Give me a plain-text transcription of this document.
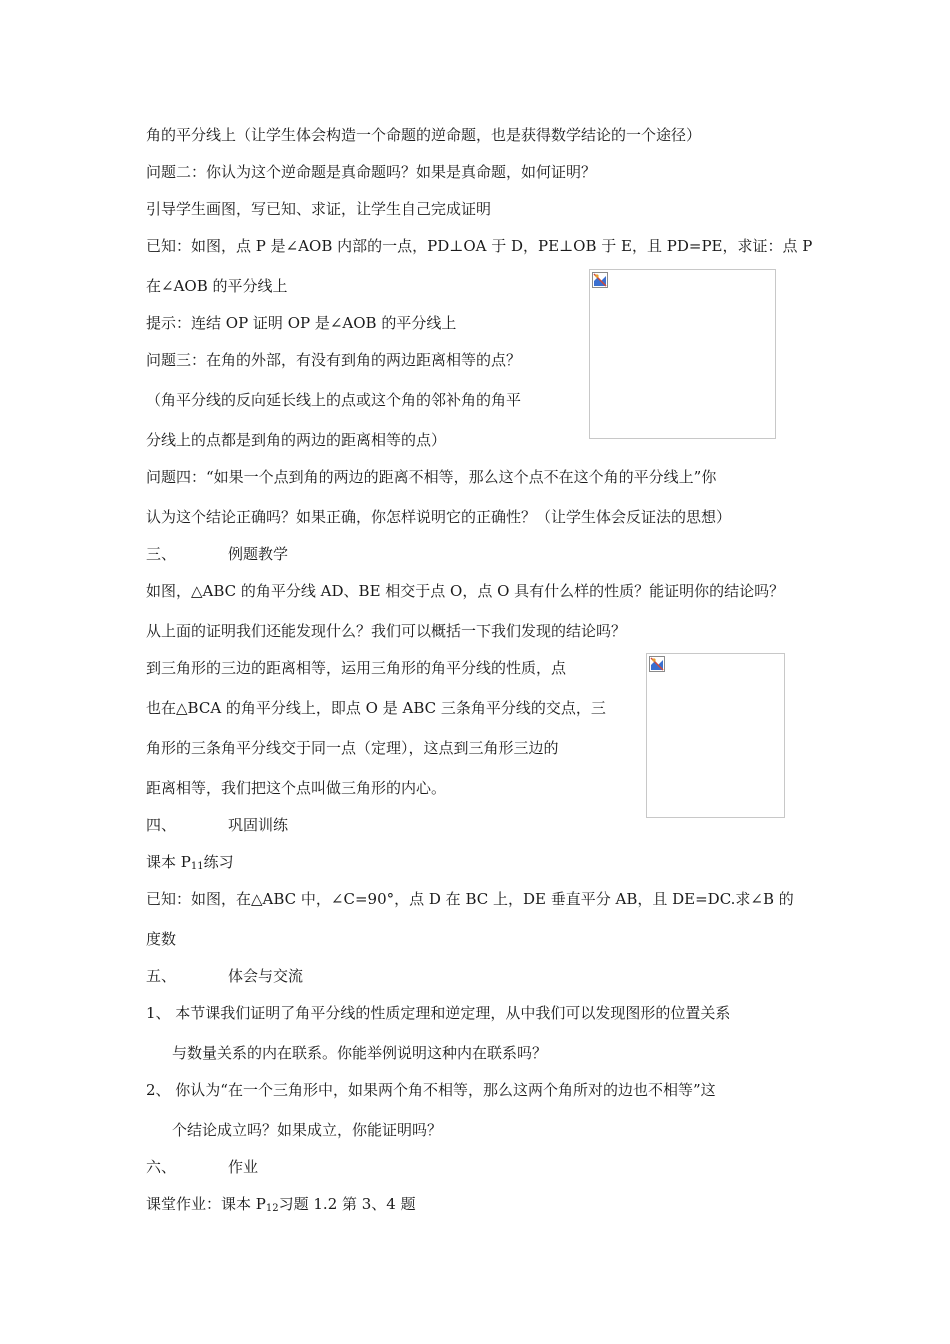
角的平分线上（让学生体会构造一个命题的逆命题，也是获得数学结论的一个途径）
问题二：你认为这个逆命题是真命题吗？如果是真命题，如何证明？
引导学生画图，写已知、求证，让学生自己完成证明
已知：如图，点 P 是∠AOB 内部的一点，PD⊥OA 于 D，PE⊥OB 于 E，且 PD=PE，求证：点 P
在∠AOB 的平分线上
提示：连结 OP 证明 OP 是∠AOB 的平分线上
问题三：在角的外部，有没有到角的两边距离相等的点？
（角平分线的反向延长线上的点或这个角的邻补角的角平
分线上的点都是到角的两边的距离相等的点）
问题四：“如果一个点到角的两边的距离不相等，那么这个点不在这个角的平分线上”你
认为这个结论正确吗？如果正确，你怎样说明它的正确性？（让学生体会反证法的思想）
三、	例题教学
如图，△ABC 的角平分线 AD、BE 相交于点 O，点 O 具有什么样的性质？能证明你的结论吗？
从上面的证明我们还能发现什么？我们可以概括一下我们发现的结论吗？
到三角形的三边的距离相等，运用三角形的角平分线的性质，点
也在△BCA 的角平分线上，即点 O 是 ABC 三条角平分线的交点，三
角形的三条角平分线交于同一点（定理），这点到三角形三边的
距离相等，我们把这个点叫做三角形的内心。
四、	巩固训练
课本 $P_{11}$练习
已知：如图，在△ABC 中，∠C=90°，点 D 在 BC 上，DE 垂直平分 AB，且 DE=DC.求∠B 的
度数
五、	体会与交流
1、 本节课我们证明了角平分线的性质定理和逆定理，从中我们可以发现图形的位置关系
与数量关系的内在联系。你能举例说明这种内在联系吗？
2、 你认为“在一个三角形中，如果两个角不相等，那么这两个角所对的边也不相等”这
个结论成立吗？如果成立，你能证明吗？
六、	作业
课堂作业：课本 $P_{12}$习题 1.2 第 3、4 题
